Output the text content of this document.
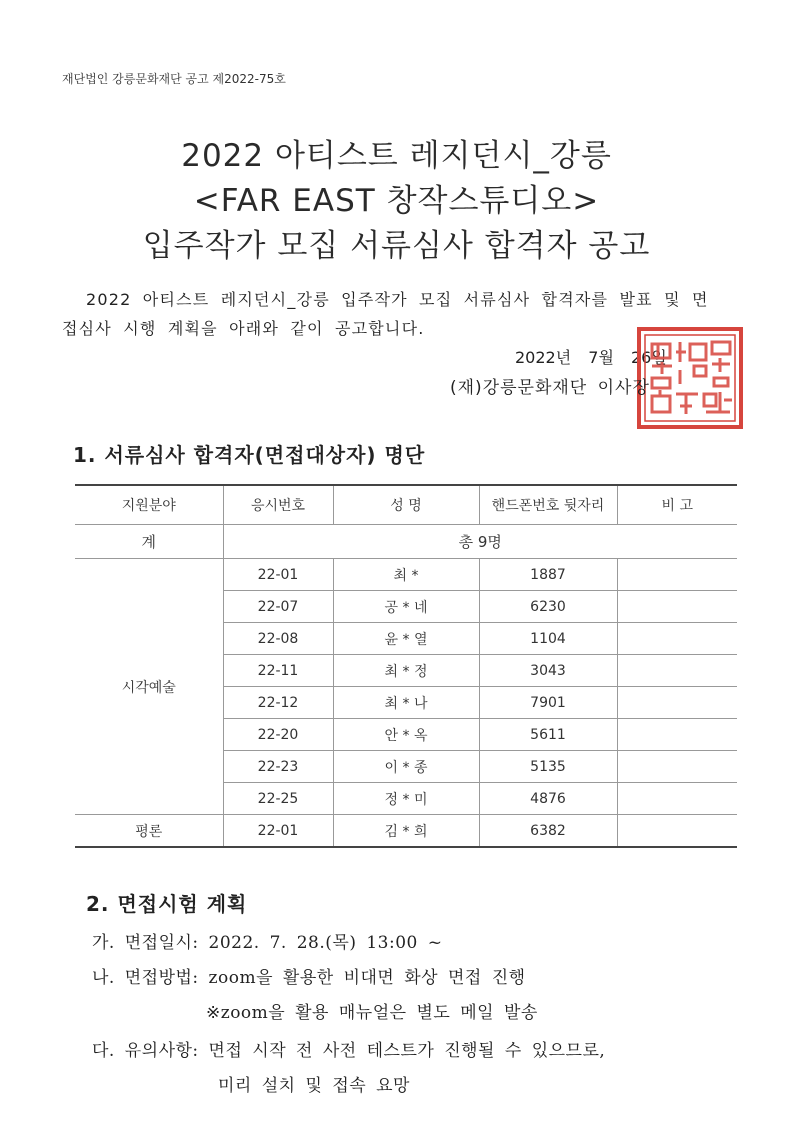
재단법인 강릉문화재단 공고 제2022-75호
2022 아티스트 레지던시_강릉
<FAR EAST 창작스튜디오>
입주작가 모집 서류심사 합격자 공고
2022 아티스트 레지던시_강릉 입주작가 모집 서류심사 합격자를 발표 및 면
접심사 시행 계획을 아래와 같이 공고합니다.
2022년 7월 26일
(재)강릉문화재단 이사장
1. 서류심사 합격자(면접대상자) 명단
지원분야	응시번호	성 명	핸드폰번호 뒷자리	비 고
계	총 9명			
시각예술	22-01	최 *	1887	
	22-07	공 * 네	6230	
	22-08	윤 * 열	1104	
	22-11	최 * 정	3043	
	22-12	최 * 나	7901	
	22-20	안 * 옥	5611	
	22-23	이 * 종	5135	
	22-25	정 * 미	4876	
평론	22-01	김 * 희	6382	
2. 면접시험 계획
가. 면접일시: 2022. 7. 28.(목) 13:00 ~
나. 면접방법: zoom을 활용한 비대면 화상 면접 진행
※zoom을 활용 매뉴얼은 별도 메일 발송
다. 유의사항: 면접 시작 전 사전 테스트가 진행될 수 있으므로,
미리 설치 및 접속 요망
